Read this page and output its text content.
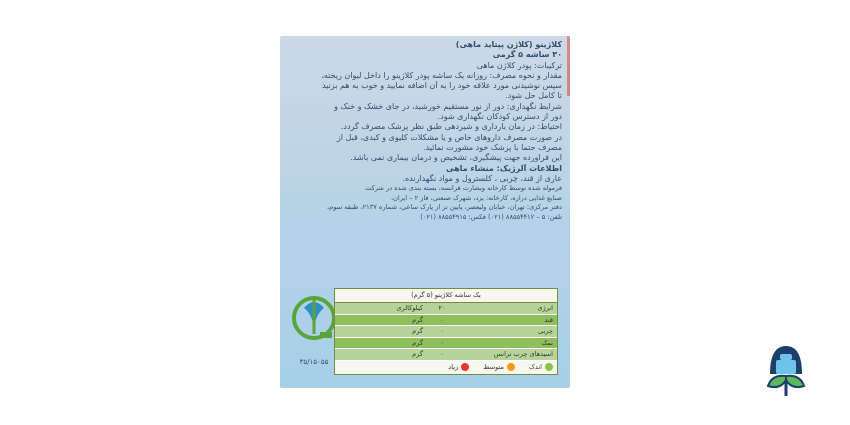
کلاژینو (کلاژن پپتاید ماهی)
۳۰ ساشه ۵ گرمی
ترکیبات: پودر کلاژن ماهی
مقدار و نحوه مصرف: روزانه یک ساشه پودر کلاژینو را داخل لیوان ریخته،
سپس نوشیدنی مورد علاقه خود را به آن اضافه نمایید و خوب به هم بزنید
تا کامل حل شود.
شرایط نگهداری: دور از نور مستقیم خورشید، در جای خشک و خنک و
دور از دسترس کودکان نگهداری شود.
احتیاط: در زمان بارداری و شیردهی طبق نظر پزشک مصرف گردد.
در صورت مصرف داروهای خاص و یا مشکلات کلیوی و کبدی، قبل از
مصرف حتما با پزشک خود مشورت نمائید.
این فراورده جهت پیشگیری، تشخیص و درمان بیماری نمی باشد.
اطلاعات آلرژیک: منشاء ماهی
عاری از قند، چربی ، کلسترول و مواد نگهدارنده.
فرموله شده توسط کارخانه وبشارت فرانسه، بسته بندی شده در شرکت
صنایع غذایی درازه، کارخانه: یزد، شهرک صنعتی، فاز ۲ – ایران،
دفتر مرکزی: تهران، خیابان ولیعصر، پایین تر از پارک ساعی، شماره ۲۱۳۷، طبقه سوم،
تلفن: ۵ – ۸۸۵۵۴۴۱۲ (۰۲۱) فکس: ۸۸۵۵۴۹۱۵ (۰۲۱)
۳۵/۱۵۰۵۵
یک ساشه کلاژینو (۵ گرم)
انرژی
۲۰
کیلوکالری
قند
۰
گرم
چربی
۰
گرم
نمک
۰
گرم
اسیدهای چرب ترانس
۰
گرم
اندک
متوسط
زیاد
